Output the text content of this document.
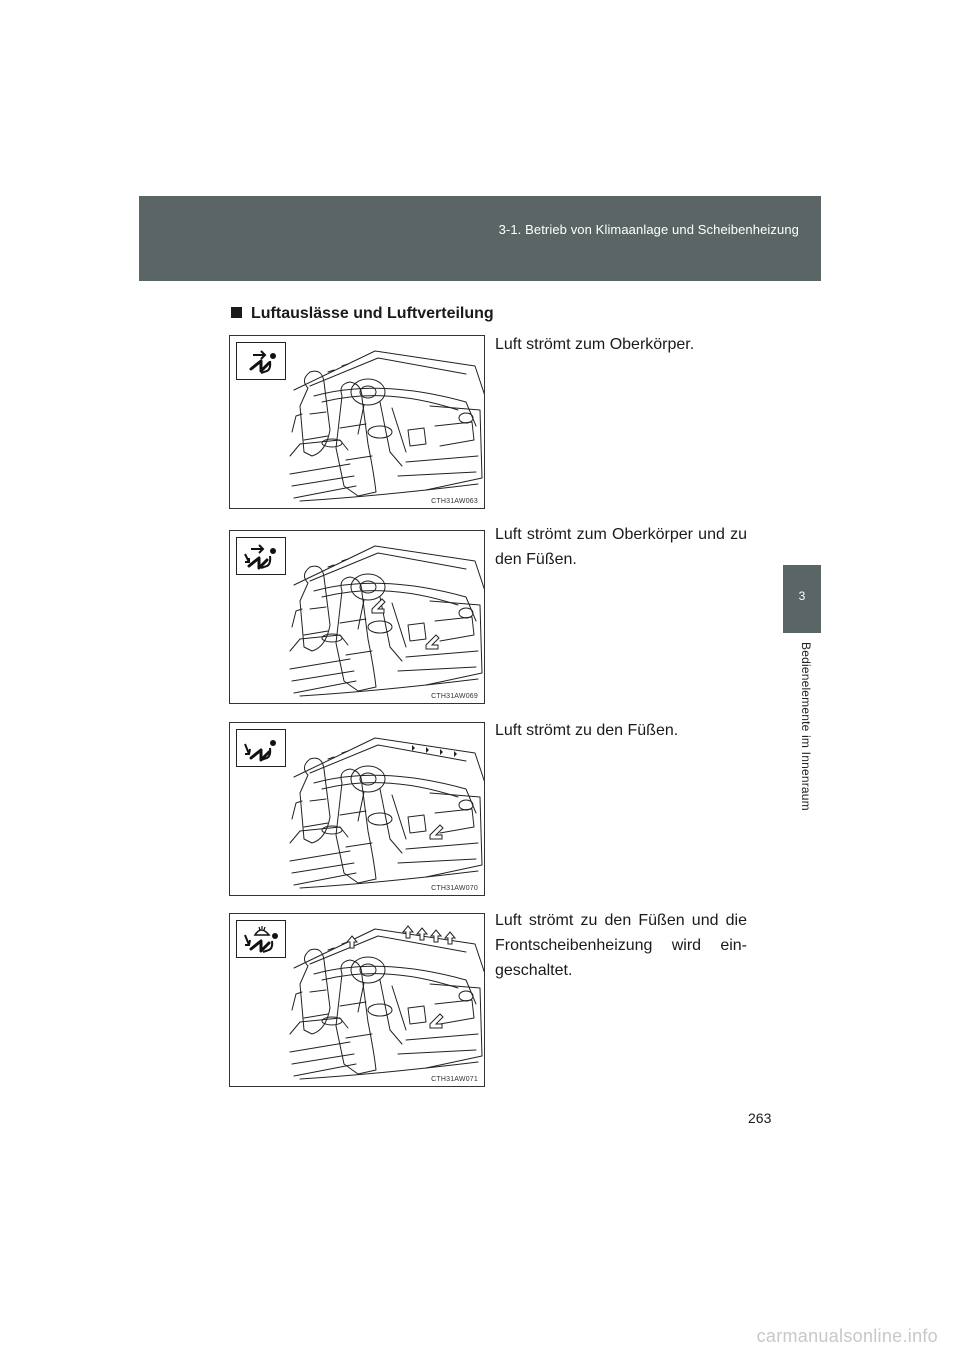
3-1. Betrieb von Klimaanlage und Scheibenheizung
3
Bedienelemente im Innenraum
Luftauslässe und Luftverteilung
CTH31AW063
Luft strömt zum Oberkörper.
CTH31AW069
Luft strömt zum Oberkörper und zu den Füßen.
CTH31AW070
Luft strömt zu den Füßen.
CTH31AW071
Luft strömt zu den Füßen und die Frontscheibenheizung wird ein-geschaltet.
263
carmanualsonline.info
